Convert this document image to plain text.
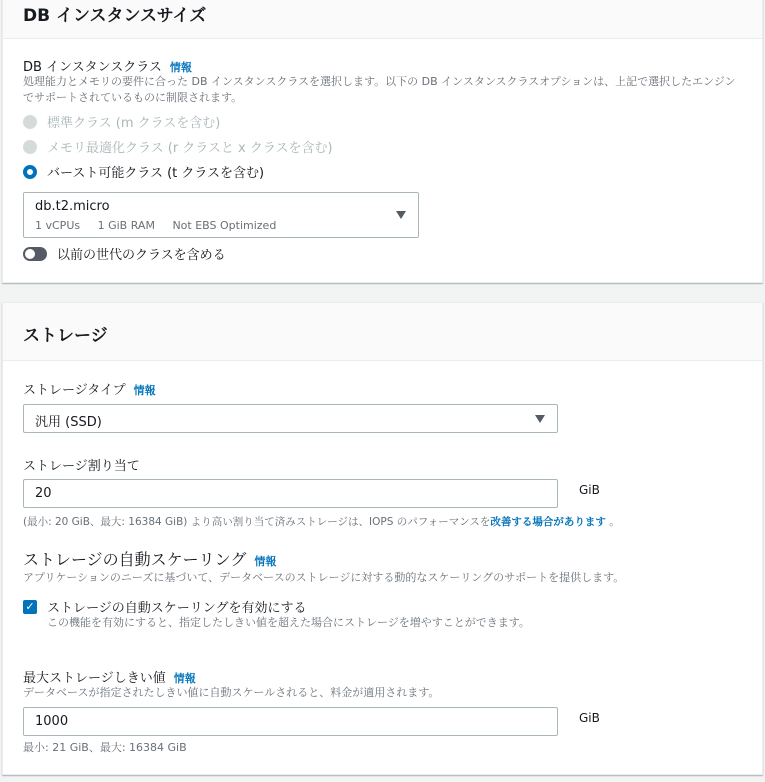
DB インスタンスサイズ
DB インスタンスクラス 情報
処理能力とメモリの要件に合った DB インスタンスクラスを選択します。以下の DB インスタンスクラスオプションは、上記で選択したエンジンでサポートされているものに制限されます。
標準クラス (m クラスを含む)
メモリ最適化クラス (r クラスと x クラスを含む)
バースト可能クラス (t クラスを含む)
db.t2.micro
1 vCPUs 1 GiB RAM Not EBS Optimized
以前の世代のクラスを含める
ストレージ
ストレージタイプ 情報
汎用 (SSD)
ストレージ割り当て
20	GiB
(最小: 20 GiB、最大: 16384 GiB) より高い割り当て済みストレージは、IOPS のパフォーマンスを改善する場合があります 。
ストレージの自動スケーリング 情報
アプリケーションのニーズに基づいて、データベースのストレージに対する動的なスケーリングのサポートを提供します。
✓ ストレージの自動スケーリングを有効にする
この機能を有効にすると、指定したしきい値を超えた場合にストレージを増やすことができます。
最大ストレージしきい値 情報
データベースが指定されたしきい値に自動スケールされると、料金が適用されます。
1000	GiB
最小: 21 GiB、最大: 16384 GiB
